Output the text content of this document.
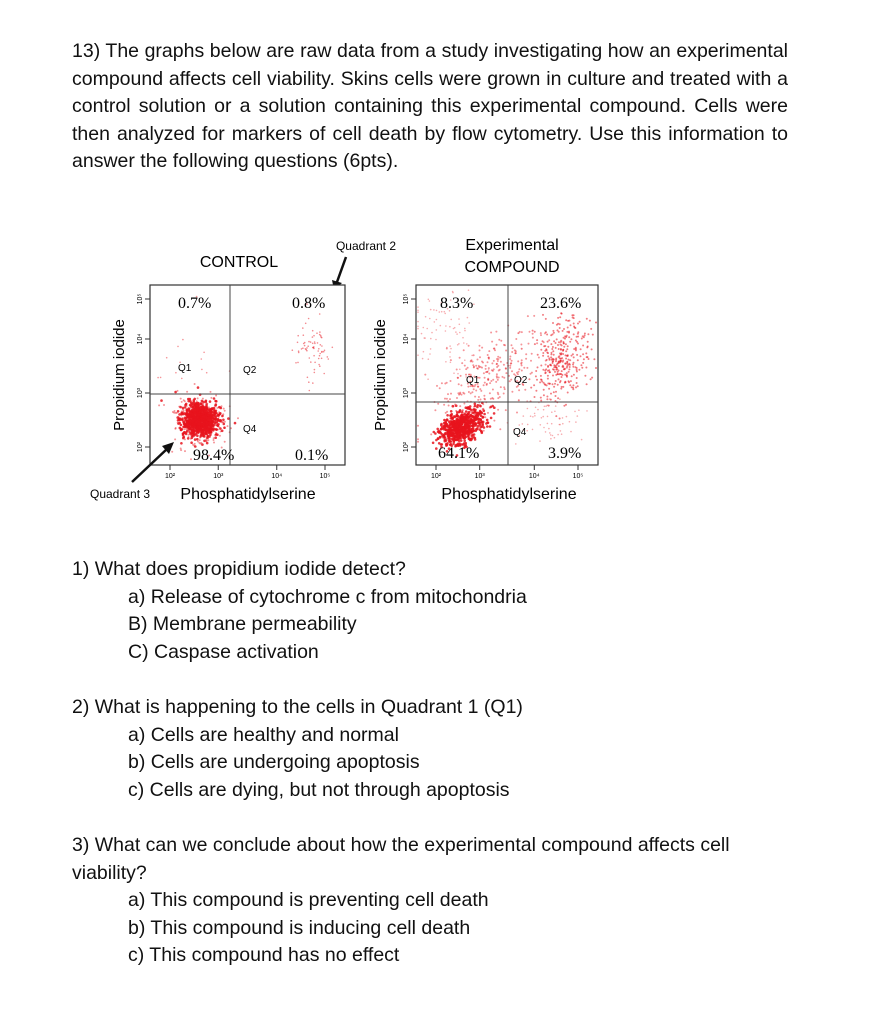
13) The graphs below are raw data from a study investigating how an experimental compound affects cell viability. Skins cells were grown in culture and treated with a control solution or a solution containing this experimental compound. Cells were then analyzed for markers of cell death by flow cytometry. Use this information to answer the following questions (6pts).

CONTROL
Experimental
COMPOUND
Quadrant 2
Propidium iodide	Propidium iodide
0.7%	0.8%
98.4%	0.1%
Q1	Q2
Q4
8.3%	23.6%
64.1%	3.9%
Q1	Q2
Q4
10²	10³	10⁴	10⁵
10²
10³
10⁴
10⁵
10²	10³	10⁴	10⁵
10²
10³
10⁴
10⁵
Quadrant 3 Phosphatidylserine	Phosphatidylserine

1) What does propidium iodide detect?

a) Release of cytochrome c from mitochondria
B) Membrane permeability
C) Caspase activation

2) What is happening to the cells in Quadrant 1 (Q1)

a) Cells are healthy and normal
b) Cells are undergoing apoptosis
c) Cells are dying, but not through apoptosis

3) What can we conclude about how the experimental compound affects cell viability?

a) This compound is preventing cell death
b) This compound is inducing cell death
c) This compound has no effect
